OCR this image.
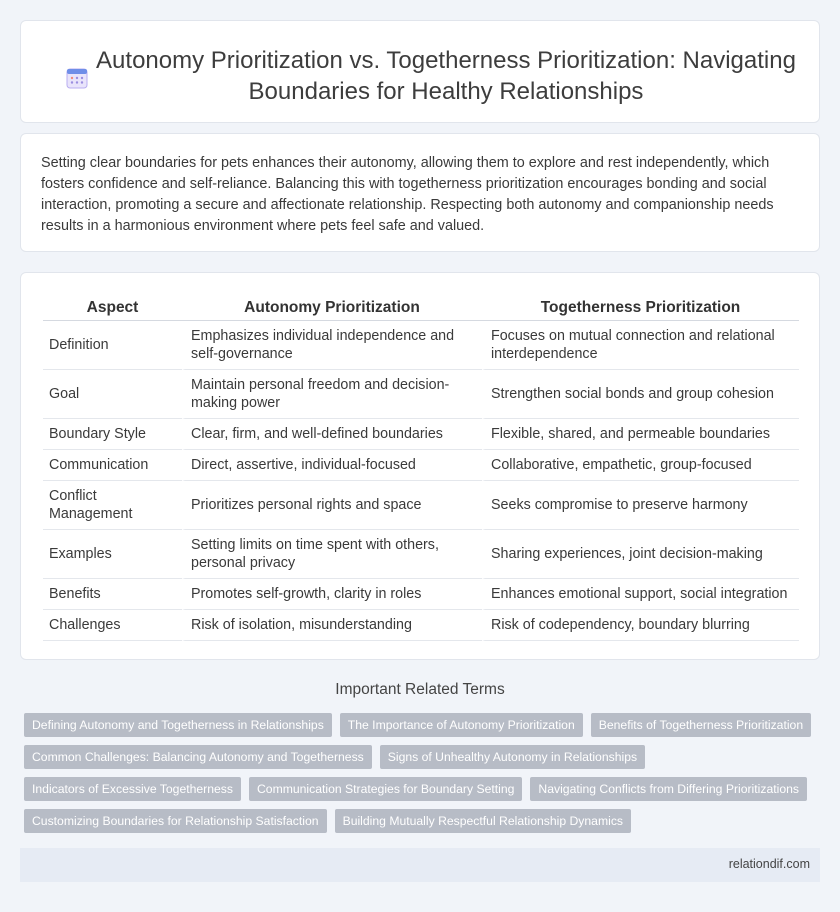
Autonomy Prioritization vs. Togetherness Prioritization: Navigating Boundaries for Healthy Relationships

Setting clear boundaries for pets enhances their autonomy, allowing them to explore and rest independently, which fosters confidence and self-reliance. Balancing this with togetherness prioritization encourages bonding and social interaction, promoting a secure and affectionate relationship. Respecting both autonomy and companionship needs results in a harmonious environment where pets feel safe and valued.

Aspect	Autonomy Prioritization	Togetherness Prioritization
Definition	Emphasizes individual independence and self-governance	Focuses on mutual connection and relational interdependence
Goal	Maintain personal freedom and decision-making power	Strengthen social bonds and group cohesion
Boundary Style	Clear, firm, and well-defined boundaries	Flexible, shared, and permeable boundaries
Communication	Direct, assertive, individual-focused	Collaborative, empathetic, group-focused
Conflict Management	Prioritizes personal rights and space	Seeks compromise to preserve harmony
Examples	Setting limits on time spent with others, personal privacy	Sharing experiences, joint decision-making
Benefits	Promotes self-growth, clarity in roles	Enhances emotional support, social integration
Challenges	Risk of isolation, misunderstanding	Risk of codependency, boundary blurring
Important Related Terms
Defining Autonomy and Togetherness in Relationships The Importance of Autonomy Prioritization Benefits of Togetherness Prioritization
Common Challenges: Balancing Autonomy and Togetherness Signs of Unhealthy Autonomy in Relationships
Indicators of Excessive Togetherness Communication Strategies for Boundary Setting Navigating Conflicts from Differing Prioritizations
Customizing Boundaries for Relationship Satisfaction Building Mutually Respectful Relationship Dynamics
relationdif.com
